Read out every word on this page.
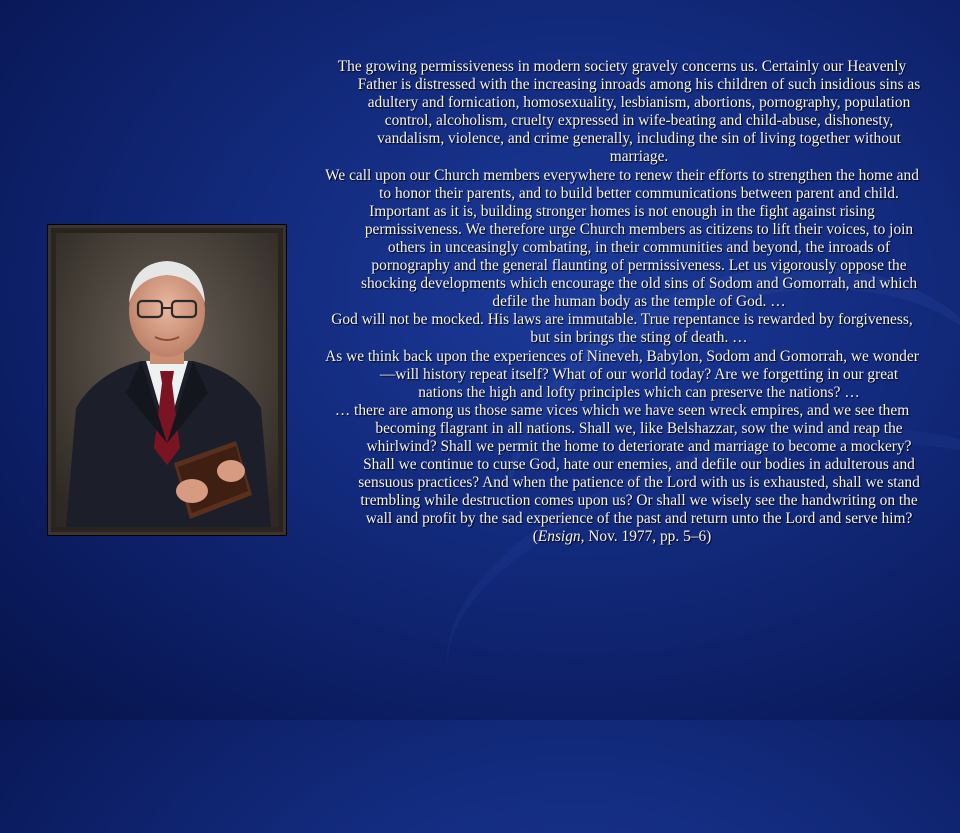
The growing permissiveness in modern society gravely concerns us. Certainly our Heavenly Father is distressed with the increasing inroads among his children of such insidious sins as adultery and fornication, homosexuality, lesbianism, abortions, pornography, population control, alcoholism, cruelty expressed in wife-beating and child-abuse, dishonesty, vandalism, violence, and crime generally, including the sin of living together without marriage.

We call upon our Church members everywhere to renew their efforts to strengthen the home and to honor their parents, and to build better communications between parent and child.

Important as it is, building stronger homes is not enough in the fight against rising permissiveness. We therefore urge Church members as citizens to lift their voices, to join others in unceasingly combating, in their communities and beyond, the inroads of pornography and the general flaunting of permissiveness. Let us vigorously oppose the shocking developments which encourage the old sins of Sodom and Gomorrah, and which defile the human body as the temple of God. …

God will not be mocked. His laws are immutable. True repentance is rewarded by forgiveness, but sin brings the sting of death. …

As we think back upon the experiences of Nineveh, Babylon, Sodom and Gomorrah, we wonder—will history repeat itself? What of our world today? Are we forgetting in our great nations the high and lofty principles which can preserve the nations? …

… there are among us those same vices which we have seen wreck empires, and we see them becoming flagrant in all nations. Shall we, like Belshazzar, sow the wind and reap the whirlwind? Shall we permit the home to deteriorate and marriage to become a mockery? Shall we continue to curse God, hate our enemies, and defile our bodies in adulterous and sensuous practices? And when the patience of the Lord with us is exhausted, shall we stand trembling while destruction comes upon us? Or shall we wisely see the handwriting on the wall and profit by the sad experience of the past and return unto the Lord and serve him?

(Ensign, Nov. 1977, pp. 5–6)
